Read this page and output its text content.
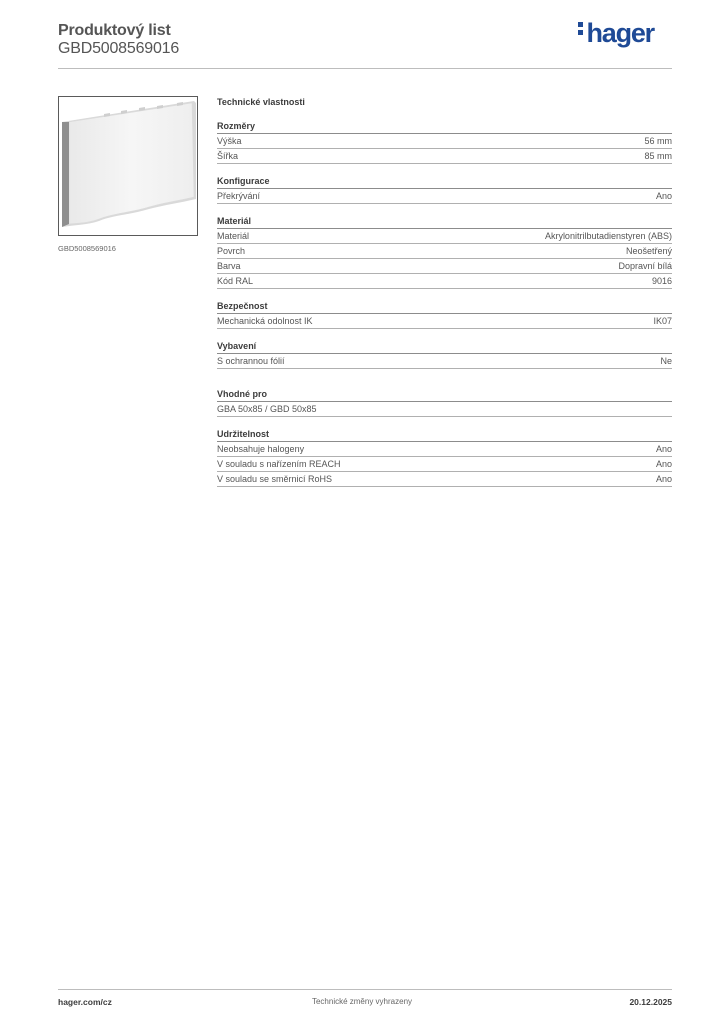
Produktový list
GBD5008569016
hager
GBD5008569016
Technické vlastnosti
Rozměry
Výška	56 mm
Šířka	85 mm
Konfigurace
Překrývání	Ano
Materiál
Materiál	Akrylonitrilbutadienstyren (ABS)
Povrch	Neošetřený
Barva	Dopravní bílá
Kód RAL	9016
Bezpečnost
Mechanická odolnost IK	IK07
Vybavení
S ochrannou fólií	Ne
Vhodné pro
GBA 50x85 / GBD 50x85
Udržitelnost
Neobsahuje halogeny	Ano
V souladu s nařízením REACH	Ano
V souladu se směrnicí RoHS	Ano
hager.com/cz	Technické změny vyhrazeny	20.12.2025
